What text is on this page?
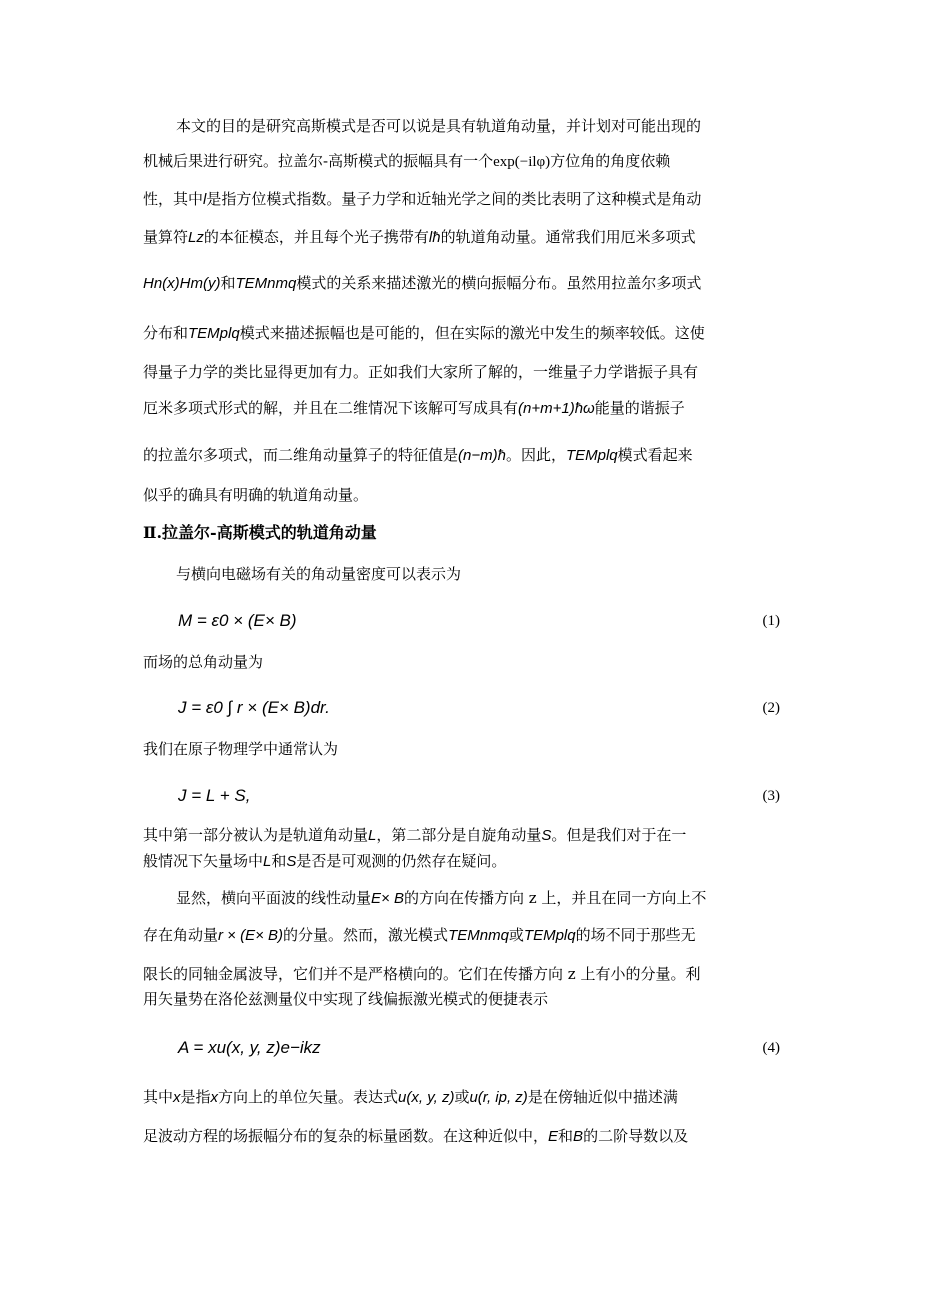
本文的目的是研究高斯模式是否可以说是具有轨道角动量，并计划对可能出现的
机械后果进行研究。拉盖尔-高斯模式的振幅具有一个exp(−ilφ)方位角的角度依赖
性，其中l是指方位模式指数。量子力学和近轴光学之间的类比表明了这种模式是角动
量算符Lz的本征模态，并且每个光子携带有lħ的轨道角动量。通常我们用厄米多项式
Hn(x)Hm(y)和TEMnmq模式的关系来描述激光的横向振幅分布。虽然用拉盖尔多项式
分布和TEMplq模式来描述振幅也是可能的，但在实际的激光中发生的频率较低。这使
得量子力学的类比显得更加有力。正如我们大家所了解的，一维量子力学谐振子具有
厄米多项式形式的解，并且在二维情况下该解可写成具有(n+m+1)ħω能量的谐振子
的拉盖尔多项式，而二维角动量算子的特征值是(n−m)ħ。因此，TEMplq模式看起来
似乎的确具有明确的轨道角动量。
Ⅱ.拉盖尔-高斯模式的轨道角动量
与横向电磁场有关的角动量密度可以表示为
M = ε0 × (E× B)	(1)
而场的总角动量为
J = ε0 ∫ r × (E× B)dr.	(2)
我们在原子物理学中通常认为
J = L + S,	(3)
其中第一部分被认为是轨道角动量L，第二部分是自旋角动量S。但是我们对于在一
般情况下矢量场中L和S是否是可观测的仍然存在疑问。
显然，横向平面波的线性动量E× B的方向在传播方向 z 上，并且在同一方向上不
存在角动量r × (E× B)的分量。然而，激光模式TEMnmq或TEMplq的场不同于那些无
限长的同轴金属波导，它们并不是严格横向的。它们在传播方向 z 上有小的分量。利
用矢量势在洛伦兹测量仪中实现了线偏振激光模式的便捷表示
A = xu(x, y, z)e−ikz	(4)
其中x是指x方向上的单位矢量。表达式u(x, y, z)或u(r, ip, z)是在傍轴近似中描述满
足波动方程的场振幅分布的复杂的标量函数。在这种近似中，E和B的二阶导数以及
